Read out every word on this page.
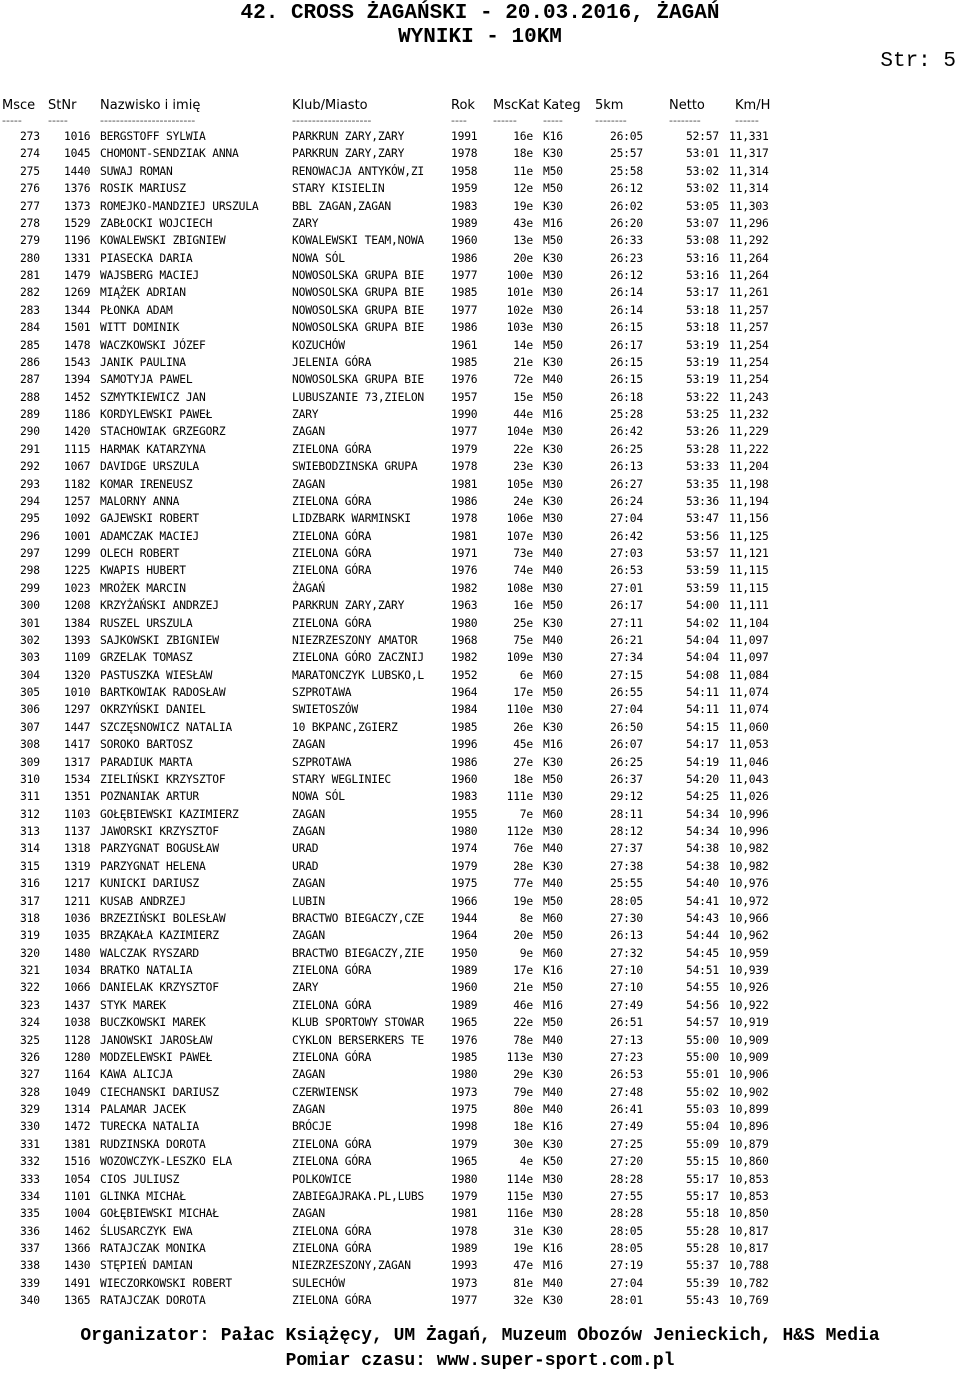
42. CROSS ŻAGAŃSKI - 20.03.2016, ŻAGAŃ
WYNIKI - 10KM
Str: 5
Msce	StNr	Nazwisko i imię	Klub/Miasto	Rok	MscKat	Kateg	5km	Netto	Km/H
-----	-----	------------------------	--------------------	----	------	-----	--------	--------	------
273	1016	BERGSTOFF SYLWIA	PARKRUN ZARY,ZARY	1991	16e	K16	26:05	52:57	11,331
274	1045	CHOMONT-SENDZIAK ANNA	PARKRUN ZARY,ZARY	1978	18e	K30	25:57	53:01	11,317
275	1440	SUWAJ ROMAN	RENOWACJA ANTYKÓW,ZI	1958	11e	M50	25:58	53:02	11,314
276	1376	ROSIK MARIUSZ	STARY KISIELIN	1959	12e	M50	26:12	53:02	11,314
277	1373	ROMEJKO-MANDZIEJ URSZULA	BBL ZAGAN,ZAGAN	1983	19e	K30	26:02	53:05	11,303
278	1529	ZABŁOCKI WOJCIECH	ZARY	1989	43e	M16	26:20	53:07	11,296
279	1196	KOWALEWSKI ZBIGNIEW	KOWALEWSKI TEAM,NOWA	1960	13e	M50	26:33	53:08	11,292
280	1331	PIASECKA DARIA	NOWA SÓL	1986	20e	K30	26:23	53:16	11,264
281	1479	WAJSBERG MACIEJ	NOWOSOLSKA GRUPA BIE	1977	100e	M30	26:12	53:16	11,264
282	1269	MIĄŻEK ADRIAN	NOWOSOLSKA GRUPA BIE	1985	101e	M30	26:14	53:17	11,261
283	1344	PŁONKA ADAM	NOWOSOLSKA GRUPA BIE	1977	102e	M30	26:14	53:18	11,257
284	1501	WITT DOMINIK	NOWOSOLSKA GRUPA BIE	1986	103e	M30	26:15	53:18	11,257
285	1478	WACZKOWSKI JÓZEF	KOZUCHÓW	1961	14e	M50	26:17	53:19	11,254
286	1543	JANIK PAULINA	JELENIA GÓRA	1985	21e	K30	26:15	53:19	11,254
287	1394	SAMOTYJA PAWEL	NOWOSOLSKA GRUPA BIE	1976	72e	M40	26:15	53:19	11,254
288	1452	SZMYTKIEWICZ JAN	LUBUSZANIE 73,ZIELON	1957	15e	M50	26:18	53:22	11,243
289	1186	KORDYLEWSKI PAWEŁ	ZARY	1990	44e	M16	25:28	53:25	11,232
290	1420	STACHOWIAK GRZEGORZ	ZAGAN	1977	104e	M30	26:42	53:26	11,229
291	1115	HARMAK KATARZYNA	ZIELONA GÓRA	1979	22e	K30	26:25	53:28	11,222
292	1067	DAVIDGE URSZULA	SWIEBODZINSKA GRUPA	1978	23e	K30	26:13	53:33	11,204
293	1182	KOMAR IRENEUSZ	ZAGAN	1981	105e	M30	26:27	53:35	11,198
294	1257	MALORNY ANNA	ZIELONA GÓRA	1986	24e	K30	26:24	53:36	11,194
295	1092	GAJEWSKI ROBERT	LIDZBARK WARMINSKI	1978	106e	M30	27:04	53:47	11,156
296	1001	ADAMCZAK MACIEJ	ZIELONA GÓRA	1981	107e	M30	26:42	53:56	11,125
297	1299	OLECH ROBERT	ZIELONA GÓRA	1971	73e	M40	27:03	53:57	11,121
298	1225	KWAPIS HUBERT	ZIELONA GÓRA	1976	74e	M40	26:53	53:59	11,115
299	1023	MROŻEK MARCIN	ŻAGAŃ	1982	108e	M30	27:01	53:59	11,115
300	1208	KRZYŻAŃSKI ANDRZEJ	PARKRUN ZARY,ZARY	1963	16e	M50	26:17	54:00	11,111
301	1384	RUSZEL URSZULA	ZIELONA GÓRA	1980	25e	K30	27:11	54:02	11,104
302	1393	SAJKOWSKI ZBIGNIEW	NIEZRZESZONY AMATOR	1968	75e	M40	26:21	54:04	11,097
303	1109	GRZELAK TOMASZ	ZIELONA GÓRO ZACZNIJ	1982	109e	M30	27:34	54:04	11,097
304	1320	PASTUSZKA WIESŁAW	MARATONCZYK LUBSKO,L	1952	6e	M60	27:15	54:08	11,084
305	1010	BARTKOWIAK RADOSŁAW	SZPROTAWA	1964	17e	M50	26:55	54:11	11,074
306	1297	OKRZYŃSKI DANIEL	SWIETOSZÓW	1984	110e	M30	27:04	54:11	11,074
307	1447	SZCZĘSNOWICZ NATALIA	10 BKPANC,ZGIERZ	1985	26e	K30	26:50	54:15	11,060
308	1417	SOROKO BARTOSZ	ZAGAN	1996	45e	M16	26:07	54:17	11,053
309	1317	PARADIUK MARTA	SZPROTAWA	1986	27e	K30	26:25	54:19	11,046
310	1534	ZIELIŃSKI KRZYSZTOF	STARY WEGLINIEC	1960	18e	M50	26:37	54:20	11,043
311	1351	POZNANIAK ARTUR	NOWA SÓL	1983	111e	M30	29:12	54:25	11,026
312	1103	GOŁĘBIEWSKI KAZIMIERZ	ZAGAN	1955	7e	M60	28:11	54:34	10,996
313	1137	JAWORSKI KRZYSZTOF	ZAGAN	1980	112e	M30	28:12	54:34	10,996
314	1318	PARZYGNAT BOGUSŁAW	URAD	1974	76e	M40	27:37	54:38	10,982
315	1319	PARZYGNAT HELENA	URAD	1979	28e	K30	27:38	54:38	10,982
316	1217	KUNICKI DARIUSZ	ZAGAN	1975	77e	M40	25:55	54:40	10,976
317	1211	KUSAB ANDRZEJ	LUBIN	1966	19e	M50	28:05	54:41	10,972
318	1036	BRZEZIŃSKI BOLESŁAW	BRACTWO BIEGACZY,CZE	1944	8e	M60	27:30	54:43	10,966
319	1035	BRZĄKAŁA KAZIMIERZ	ZAGAN	1964	20e	M50	26:13	54:44	10,962
320	1480	WALCZAK RYSZARD	BRACTWO BIEGACZY,ZIE	1950	9e	M60	27:32	54:45	10,959
321	1034	BRATKO NATALIA	ZIELONA GÓRA	1989	17e	K16	27:10	54:51	10,939
322	1066	DANIELAK KRZYSZTOF	ZARY	1960	21e	M50	27:10	54:55	10,926
323	1437	STYK MAREK	ZIELONA GÓRA	1989	46e	M16	27:49	54:56	10,922
324	1038	BUCZKOWSKI MAREK	KLUB SPORTOWY STOWAR	1965	22e	M50	26:51	54:57	10,919
325	1128	JANOWSKI JAROSŁAW	CYKLON BERSERKERS TE	1976	78e	M40	27:13	55:00	10,909
326	1280	MODZELEWSKI PAWEŁ	ZIELONA GÓRA	1985	113e	M30	27:23	55:00	10,909
327	1164	KAWA ALICJA	ZAGAN	1980	29e	K30	26:53	55:01	10,906
328	1049	CIECHANSKI DARIUSZ	CZERWIENSK	1973	79e	M40	27:48	55:02	10,902
329	1314	PALAMAR JACEK	ZAGAN	1975	80e	M40	26:41	55:03	10,899
330	1472	TURECKA NATALIA	BRÓCJE	1998	18e	K16	27:49	55:04	10,896
331	1381	RUDZINSKA DOROTA	ZIELONA GÓRA	1979	30e	K30	27:25	55:09	10,879
332	1516	WOZOWCZYK-LESZKO ELA	ZIELONA GÓRA	1965	4e	K50	27:20	55:15	10,860
333	1054	CIOS JULIUSZ	POLKOWICE	1980	114e	M30	28:28	55:17	10,853
334	1101	GLINKA MICHAŁ	ZABIEGAJRAKA.PL,LUBS	1979	115e	M30	27:55	55:17	10,853
335	1004	GOŁĘBIEWSKI MICHAŁ	ZAGAN	1981	116e	M30	28:28	55:18	10,850
336	1462	ŚLUSARCZYK EWA	ZIELONA GÓRA	1978	31e	K30	28:05	55:28	10,817
337	1366	RATAJCZAK MONIKA	ZIELONA GÓRA	1989	19e	K16	28:05	55:28	10,817
338	1430	STĘPIEŃ DAMIAN	NIEZRZESZONY,ZAGAN	1993	47e	M16	27:19	55:37	10,788
339	1491	WIECZORKOWSKI ROBERT	SULECHÓW	1973	81e	M40	27:04	55:39	10,782
340	1365	RATAJCZAK DOROTA	ZIELONA GÓRA	1977	32e	K30	28:01	55:43	10,769
Organizator: Pałac Książęcy, UM Żagań, Muzeum Obozów Jenieckich, H&S Media
Pomiar czasu: www.super-sport.com.pl
